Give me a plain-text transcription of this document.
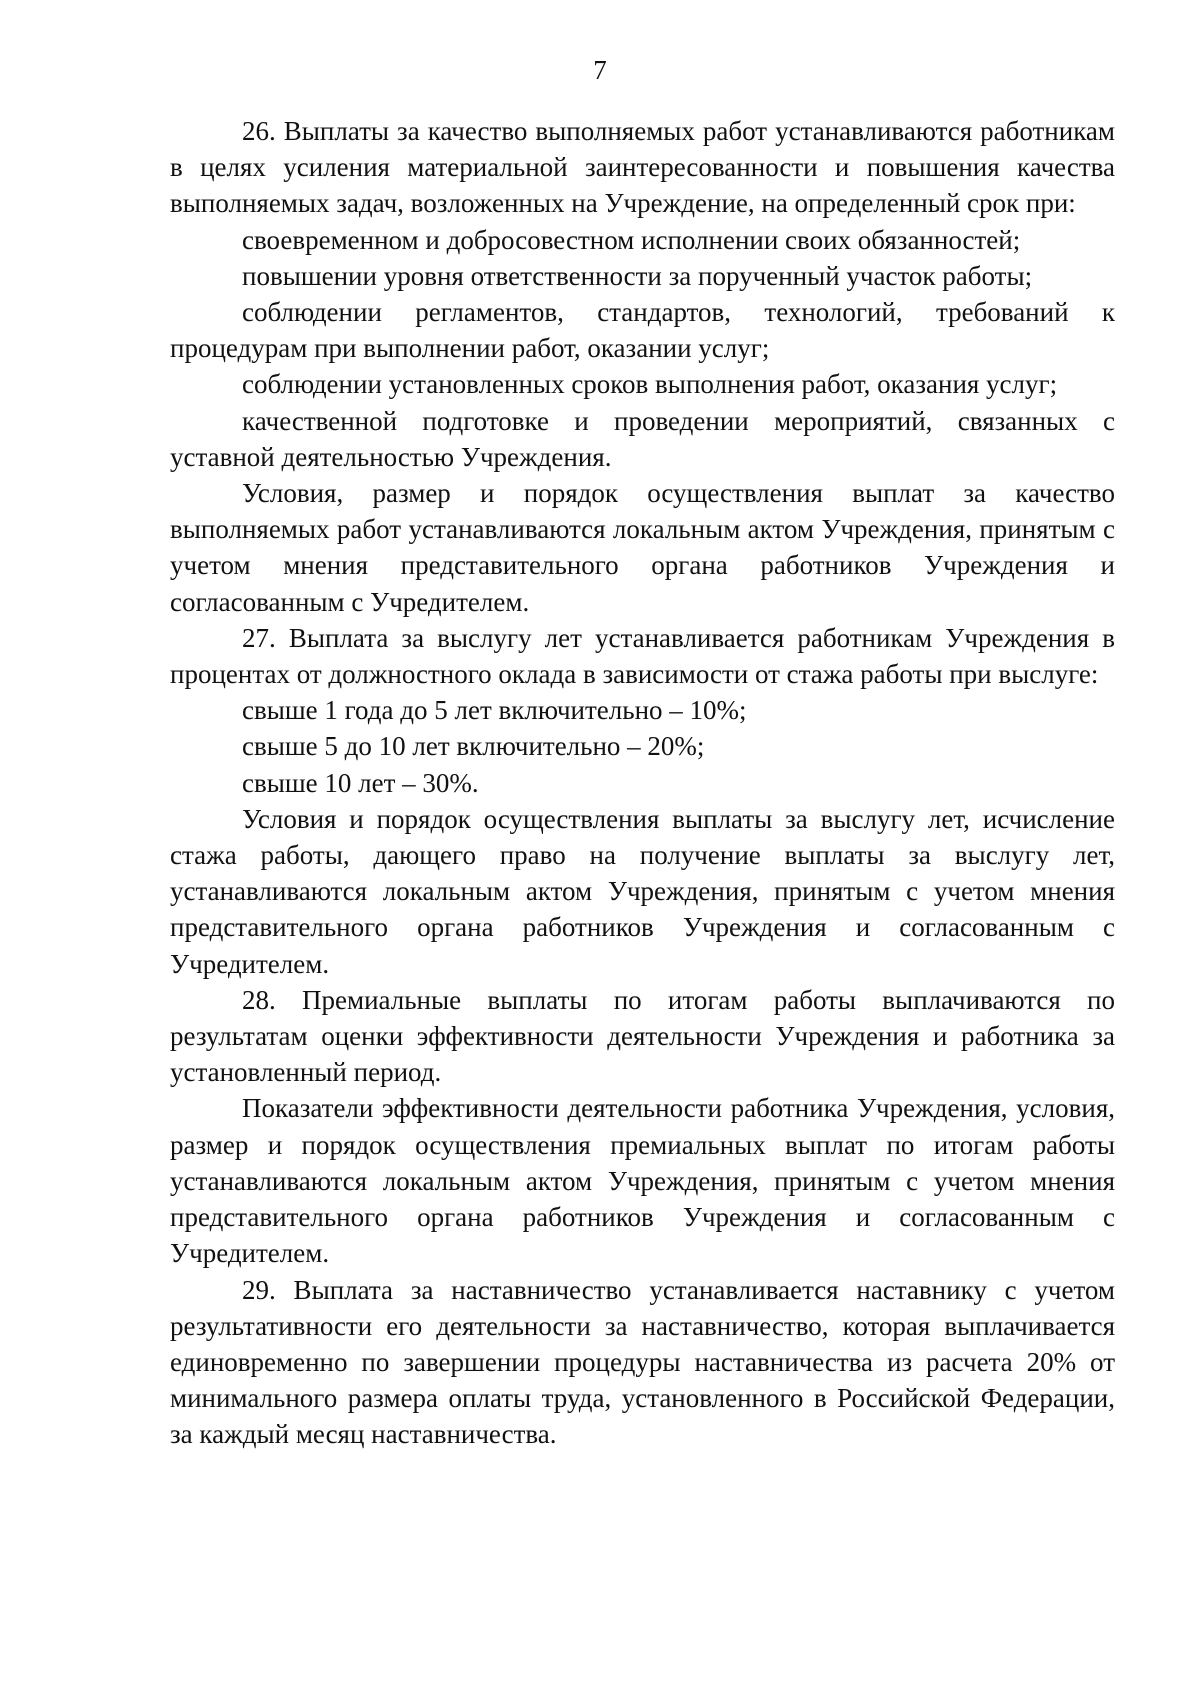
7

26. Выплаты за качество выполняемых работ устанавливаются работникам в целях усиления материальной заинтересованности и повышения качества выполняемых задач, возложенных на Учреждение, на определенный срок при:

своевременном и добросовестном исполнении своих обязанностей;

повышении уровня ответственности за порученный участок работы;

соблюдении регламентов, стандартов, технологий, требований к процедурам при выполнении работ, оказании услуг;

соблюдении установленных сроков выполнения работ, оказания услуг;

качественной подготовке и проведении мероприятий, связанных с уставной деятельностью Учреждения.

Условия, размер и порядок осуществления выплат за качество выполняемых работ устанавливаются локальным актом Учреждения, принятым с учетом мнения представительного органа работников Учреждения и согласованным с Учредителем.

27. Выплата за выслугу лет устанавливается работникам Учреждения в процентах от должностного оклада в зависимости от стажа работы при выслуге:

свыше 1 года до 5 лет включительно – 10%;

свыше 5 до 10 лет включительно – 20%;

свыше 10 лет – 30%.

Условия и порядок осуществления выплаты за выслугу лет, исчисление стажа работы, дающего право на получение выплаты за выслугу лет, устанавливаются локальным актом Учреждения, принятым с учетом мнения представительного органа работников Учреждения и согласованным с Учредителем.

28. Премиальные выплаты по итогам работы выплачиваются по результатам оценки эффективности деятельности Учреждения и работника за установленный период.

Показатели эффективности деятельности работника Учреждения, условия, размер и порядок осуществления премиальных выплат по итогам работы устанавливаются локальным актом Учреждения, принятым с учетом мнения представительного органа работников Учреждения и согласованным с Учредителем.

29. Выплата за наставничество устанавливается наставнику с учетом результативности его деятельности за наставничество, которая выплачивается единовременно по завершении процедуры наставничества из расчета 20% от минимального размера оплаты труда, установленного в Российской Федерации, за каждый месяц наставничества.
